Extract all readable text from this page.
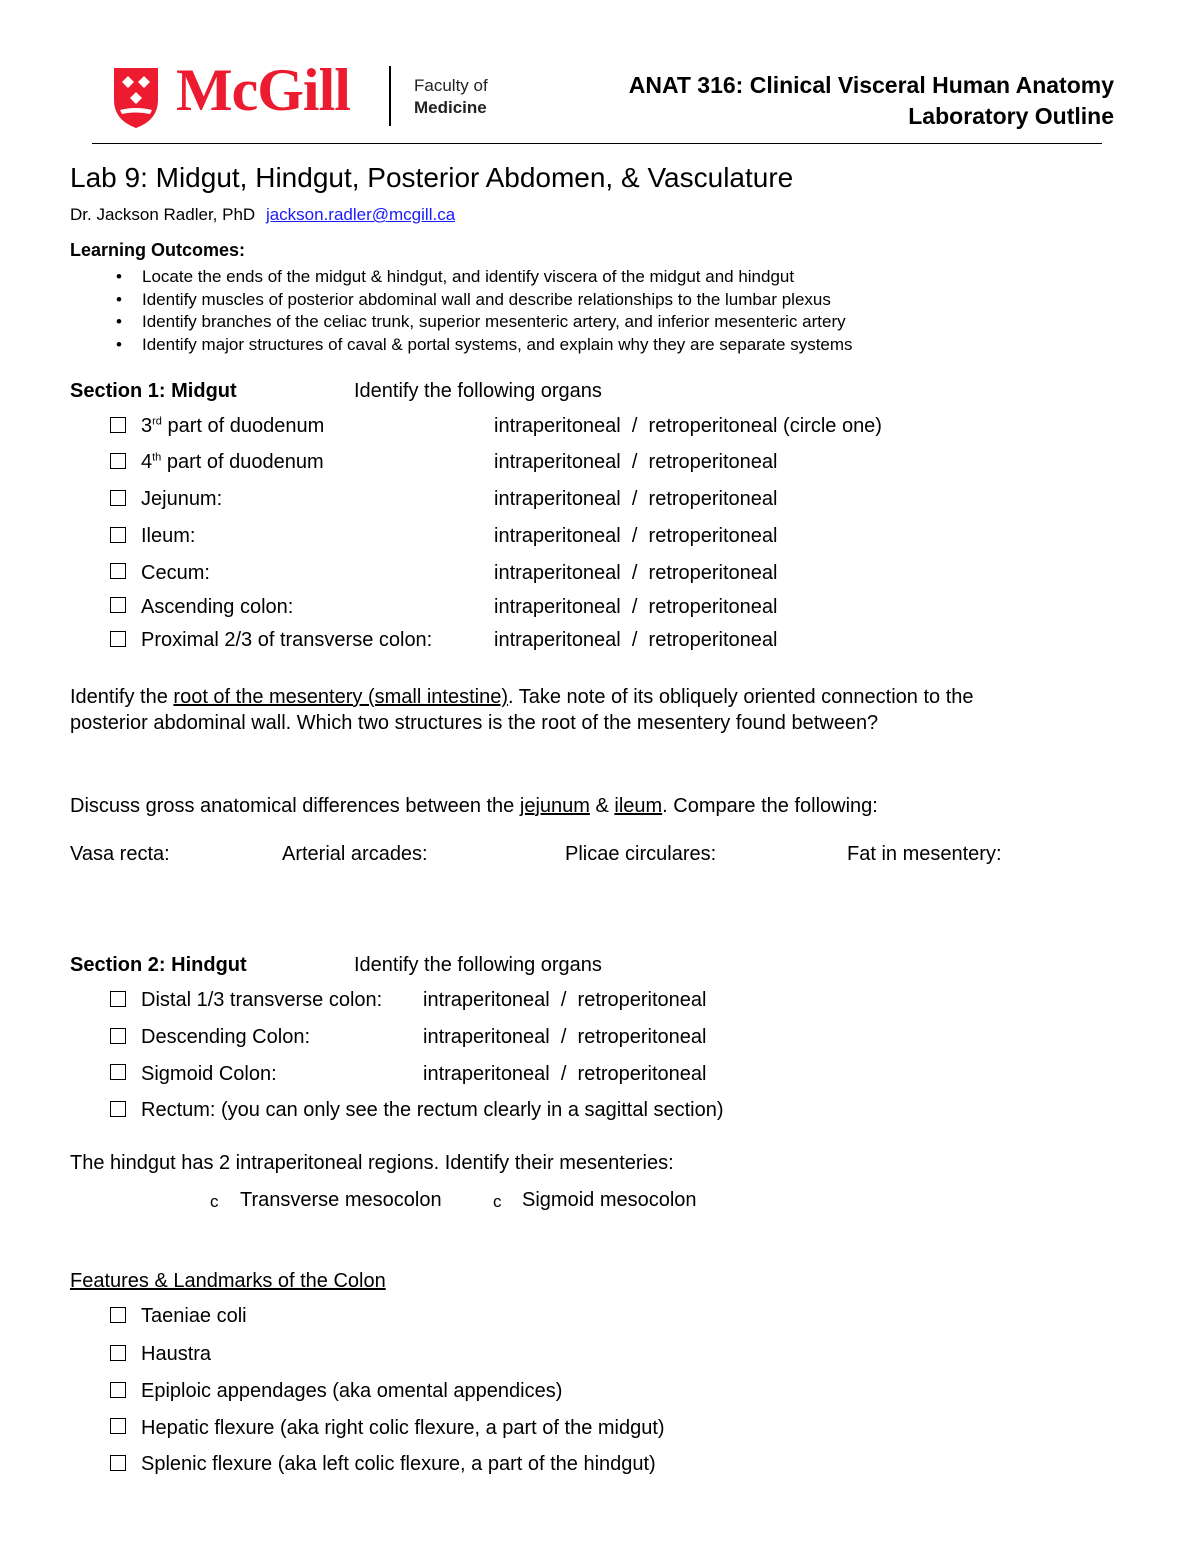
McGill	Faculty of
Medicine
ANAT 316: Clinical Visceral Human Anatomy
Laboratory Outline
Lab 9: Midgut, Hindgut, Posterior Abdomen, & Vasculature
Dr. Jackson Radler, PhD jackson.radler@mcgill.ca
Learning Outcomes:
• Locate the ends of the midgut & hindgut, and identify viscera of the midgut and hindgut
• Identify muscles of posterior abdominal wall and describe relationships to the lumbar plexus
• Identify branches of the celiac trunk, superior mesenteric artery, and inferior mesenteric artery
• Identify major structures of caval & portal systems, and explain why they are separate systems
Section 1: Midgut	Identify the following organs
3rd part of duodenum	intraperitoneal  /  retroperitoneal (circle one)
4th part of duodenum	intraperitoneal  /  retroperitoneal
Jejunum:	intraperitoneal  /  retroperitoneal
Ileum:	intraperitoneal  /  retroperitoneal
Cecum:	intraperitoneal  /  retroperitoneal
Ascending colon:	intraperitoneal  /  retroperitoneal
Proximal 2/3 of transverse colon:	intraperitoneal  /  retroperitoneal
Identify the root of the mesentery (small intestine). Take note of its obliquely oriented connection to the
posterior abdominal wall. Which two structures is the root of the mesentery found between?
Discuss gross anatomical differences between the jejunum & ileum. Compare the following:
Vasa recta:	Arterial arcades:	Plicae circulares:	Fat in mesentery:
Section 2: Hindgut	Identify the following organs
Distal 1/3 transverse colon: intraperitoneal  /  retroperitoneal
Descending Colon:	intraperitoneal  /  retroperitoneal
Sigmoid Colon:	intraperitoneal  /  retroperitoneal
Rectum: (you can only see the rectum clearly in a sagittal section)
The hindgut has 2 intraperitoneal regions. Identify their mesenteries:
c Transverse mesocolon	c Sigmoid mesocolon
Features & Landmarks of the Colon
Taeniae coli
Haustra
Epiploic appendages (aka omental appendices)
Hepatic flexure (aka right colic flexure, a part of the midgut)
Splenic flexure (aka left colic flexure, a part of the hindgut)
